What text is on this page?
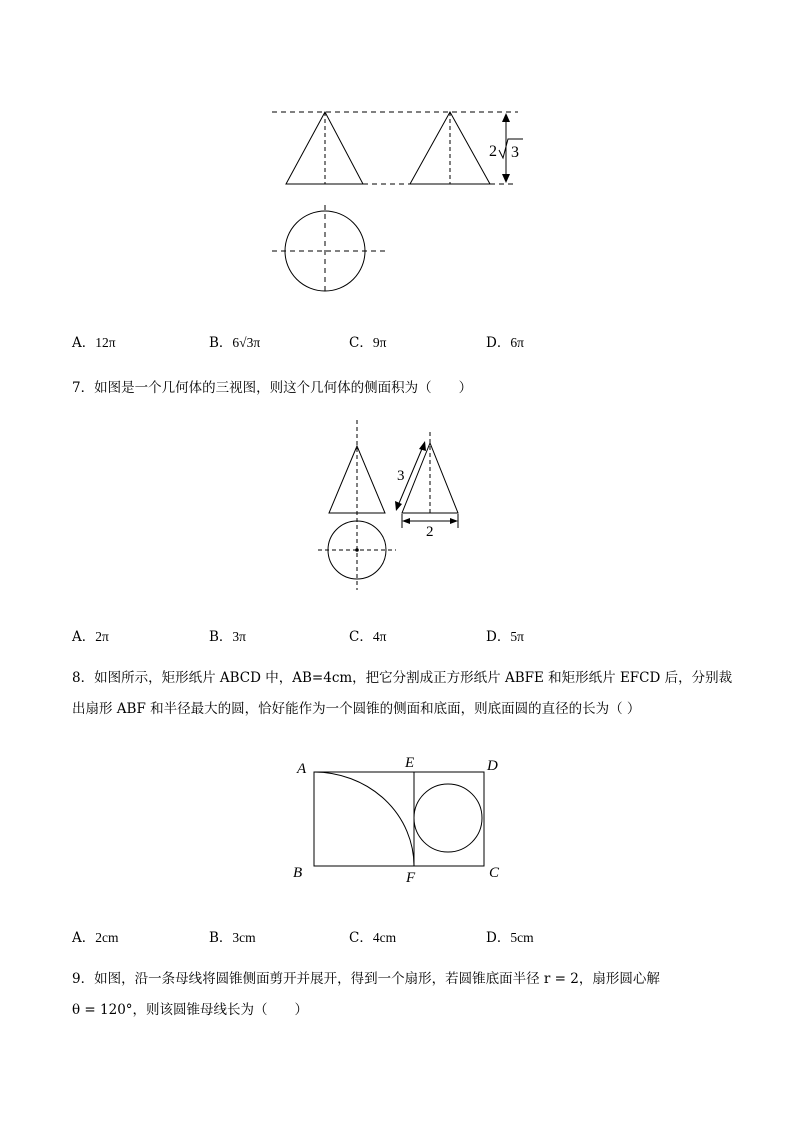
2 3
A．12π	B．6√3π	C．9π	D．6π
7．如图是一个几何体的三视图，则这个几何体的侧面积为（　　）
3
2
A．2π	B．3π	C．4π	D．5π
8．如图所示，矩形纸片 ABCD 中，AB=4cm，把它分割成正方形纸片 ABFE 和矩形纸片 EFCD 后，分别裁
出扇形 ABF 和半径最大的圆，恰好能作为一个圆锥的侧面和底面，则底面圆的直径的长为（ ）
A	E	D
B	F	C
A．2cm	B．3cm	C．4cm	D．5cm
9．如图，沿一条母线将圆锥侧面剪开并展开，得到一个扇形，若圆锥底面半径 r = 2，扇形圆心解
θ = 120°，则该圆锥母线长为（　　）
